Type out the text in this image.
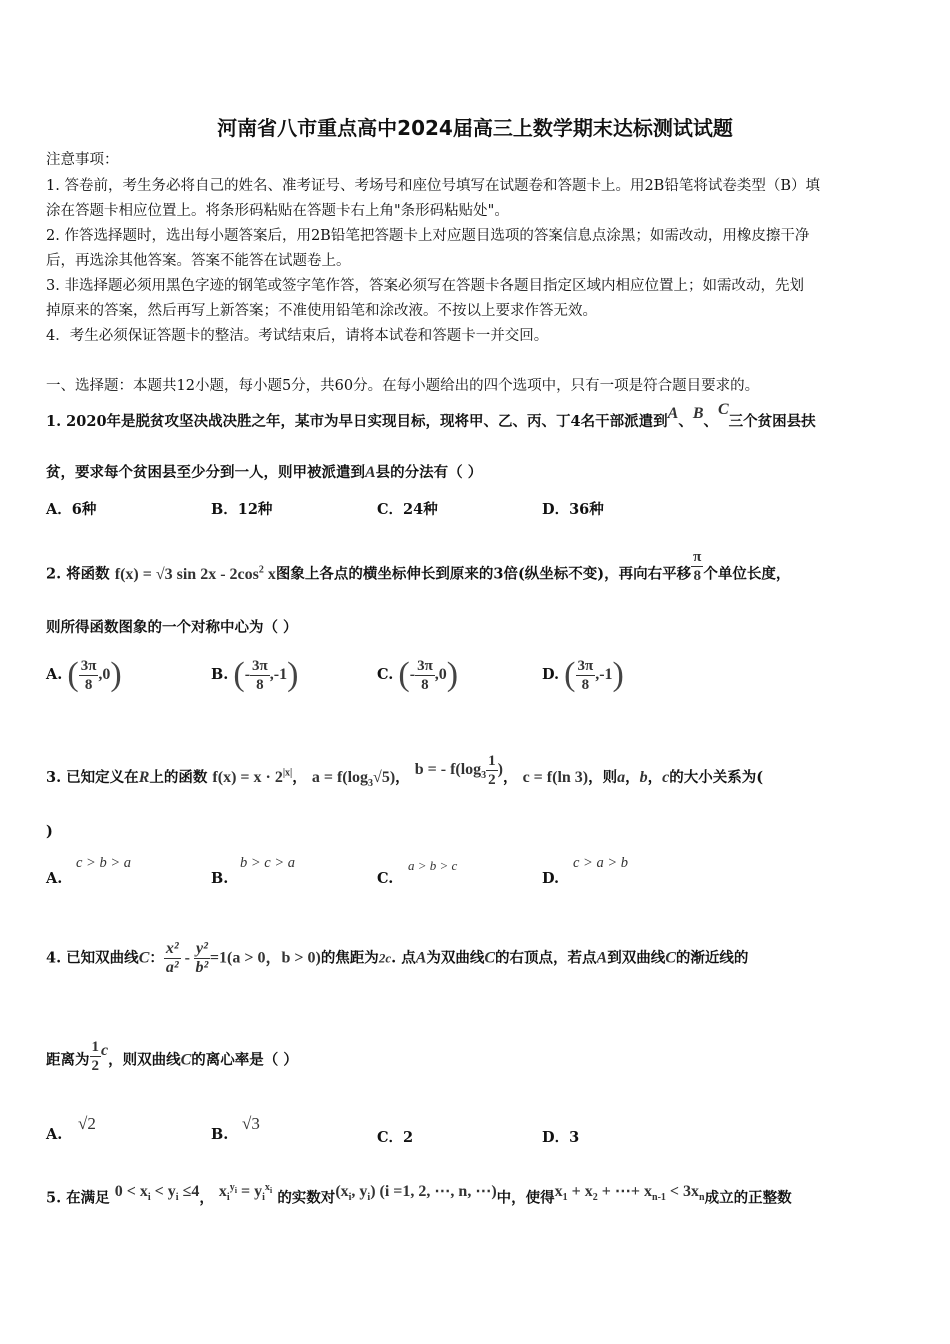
河南省八市重点高中2024届高三上数学期末达标测试试题
注意事项：
1. 答卷前，考生务必将自己的姓名、准考证号、考场号和座位号填写在试题卷和答题卡上。用2B铅笔将试卷类型（B）填
涂在答题卡相应位置上。将条形码粘贴在答题卡右上角"条形码粘贴处"。
2. 作答选择题时，选出每小题答案后，用2B铅笔把答题卡上对应题目选项的答案信息点涂黑；如需改动，用橡皮擦干净
后，再选涂其他答案。答案不能答在试题卷上。
3. 非选择题必须用黑色字迹的钢笔或签字笔作答，答案必须写在答题卡各题目指定区域内相应位置上；如需改动，先划
掉原来的答案，然后再写上新答案；不准使用铅笔和涂改液。不按以上要求作答无效。
4．考生必须保证答题卡的整洁。考试结束后，请将本试卷和答题卡一并交回。
一、选择题：本题共12小题，每小题5分，共60分。在每小题给出的四个选项中，只有一项是符合题目要求的。
1. 2020年是脱贫攻坚决战决胜之年，某市为早日实现目标，现将甲、乙、丙、丁4名干部派遣到A、B、C三个贫困县扶
贫，要求每个贫困县至少分到一人，则甲被派遣到A县的分法有（ ）
A．6种	B．12种	C．24种	D．36种
2. 将函数 f(x) = √3 $\sin 2x - 2\cos^2$ x图象上各点的横坐标伸长到原来的3倍(纵坐标不变)，再向右平移 $\frac{\pi}{8}$ 个单位长度，
则所得函数图象的一个对称中心为（ ）
A. ( $\frac{3\pi}{8} ,0$)	B. (- $\frac{3\pi}{8} ,-1$)	C. (- $\frac{3\pi}{8} ,0$)	D. ( $\frac{3\pi}{8} ,-1$)
3. 已知定义在R上的函数 $f(x) = x \cdot 2^{|x|}$， $a = f(\log_3√5)$， b = - $f(\log_3 \frac{1}{2}$ )， c = f(ln 3)，则a，b，c的大小关系为(
)
A.
c > b > a
B.
b > c > a
C.
a > b > c
D.
c > a > b
4. 已知双曲线C： $\frac{\text{x²}}{\text{a²}} - \frac{\text{y²}}{\text{b²}} =1(a > 0$，b > 0)的焦距为2c. 点A为双曲线C的右顶点，若点A到双曲线C的渐近线的
距离为 $\frac{1}{2}$ c，则双曲线C的离心率是（ ）
A.
√2
B.
√3
C．2	D．3
5. 在满足 $0 < x_i < y_i \le 4$， $x_i^{y_i} = y_i^{x_i}$ 的实数对($x_i$, $y_i$) (i =1, 2, ⋯, n, ⋯)中，使得$x_1 + x_2$ + ⋯+ $x_{n-1} < 3x_n$成立的正整数
